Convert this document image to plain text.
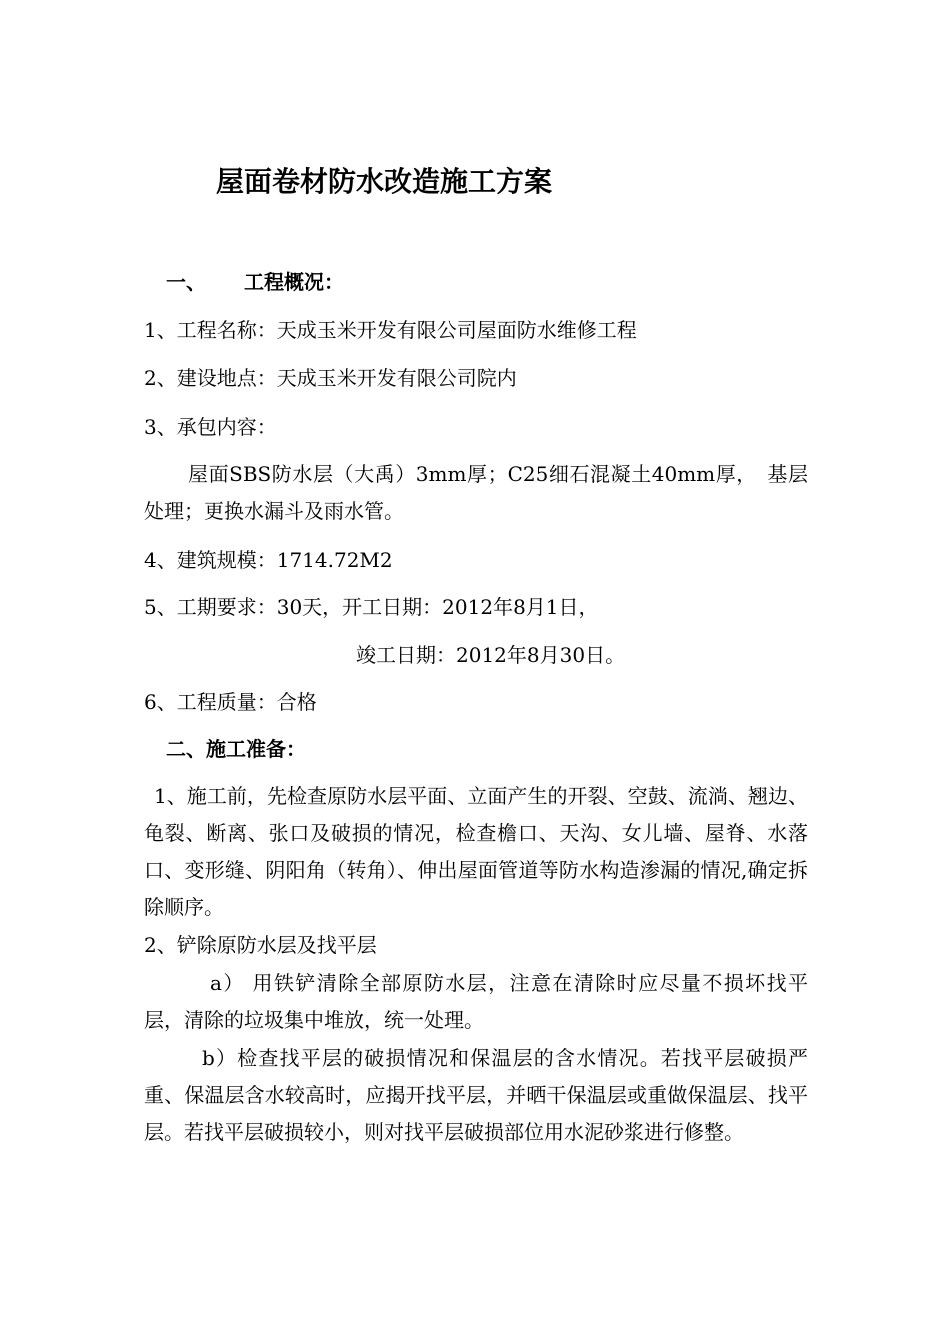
屋面卷材防水改造施工方案
一、 工程概况：
1、工程名称：天成玉米开发有限公司屋面防水维修工程
2、建设地点：天成玉米开发有限公司院内
3、承包内容：
屋面SBS防水层（大禹）3mm厚；C25细石混凝土40mm厚，　基层处理；更换水漏斗及雨水管。
4、建筑规模：1714.72M2
5、工期要求：30天，开工日期：2012年8月1日，
竣工日期：2012年8月30日。
6、工程质量：合格
二、施工准备：
1、施工前，先检查原防水层平面、立面产生的开裂、空鼓、流淌、翘边、龟裂、断离、张口及破损的情况，检查檐口、天沟、女儿墙、屋脊、水落口、变形缝、阴阳角（转角）、伸出屋面管道等防水构造渗漏的情况,确定拆除顺序。
2、铲除原防水层及找平层
a） 用铁铲清除全部原防水层，注意在清除时应尽量不损坏找平层，清除的垃圾集中堆放，统一处理。
b）检查找平层的破损情况和保温层的含水情况。若找平层破损严重、保温层含水较高时，应揭开找平层，并晒干保温层或重做保温层、找平层。若找平层破损较小，则对找平层破损部位用水泥砂浆进行修整。
